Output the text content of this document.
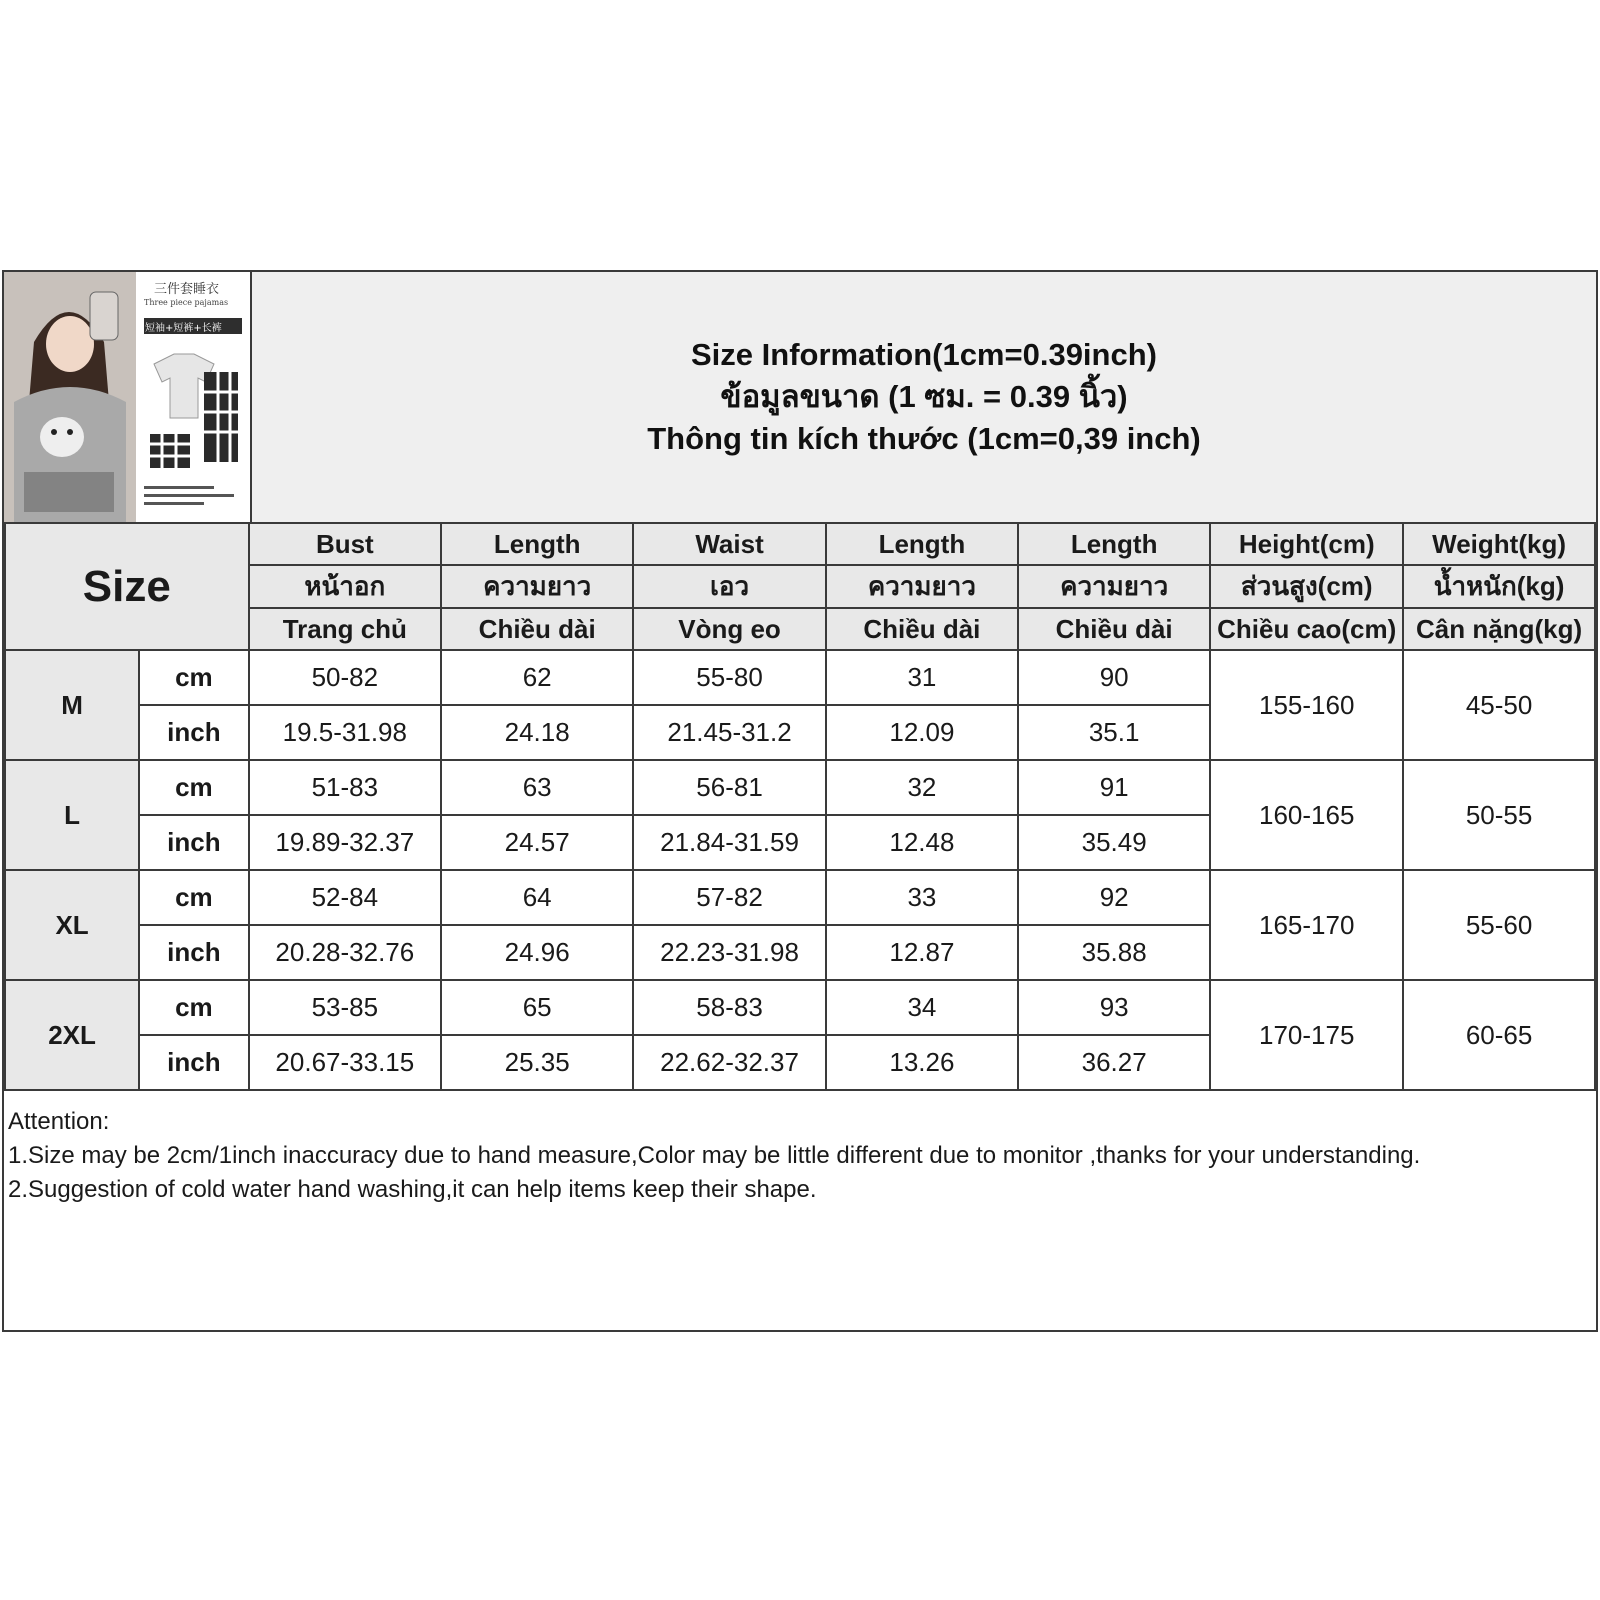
三件套睡衣
Three piece pajamas
短袖+短裤+长裤
Size Information(1cm=0.39inch)
ข้อมูลขนาด (1 ซม. = 0.39 นิ้ว)
Thông tin kích thước (1cm=0,39 inch)
Size		Bust	Length	Waist	Length	Length	Height(cm)	Weight(kg)
		หน้าอก	ความยาว	เอว	ความยาว	ความยาว	ส่วนสูง(cm)	น้ำหนัก(kg)
		Trang chủ	Chiều dài	Vòng eo	Chiều dài	Chiều dài	Chiều cao(cm)	Cân nặng(kg)
M	cm	50-82	62	55-80	31	90	155-160	45-50
	inch	19.5-31.98	24.18	21.45-31.2	12.09	35.1		
L	cm	51-83	63	56-81	32	91	160-165	50-55
	inch	19.89-32.37	24.57	21.84-31.59	12.48	35.49		
XL	cm	52-84	64	57-82	33	92	165-170	55-60
	inch	20.28-32.76	24.96	22.23-31.98	12.87	35.88		
2XL	cm	53-85	65	58-83	34	93	170-175	60-65
	inch	20.67-33.15	25.35	22.62-32.37	13.26	36.27		
Attention:
1.Size may be 2cm/1inch inaccuracy due to hand measure,Color may be little different due to monitor ,thanks for your understanding.
2.Suggestion of cold water hand washing,it can help items keep their shape.
